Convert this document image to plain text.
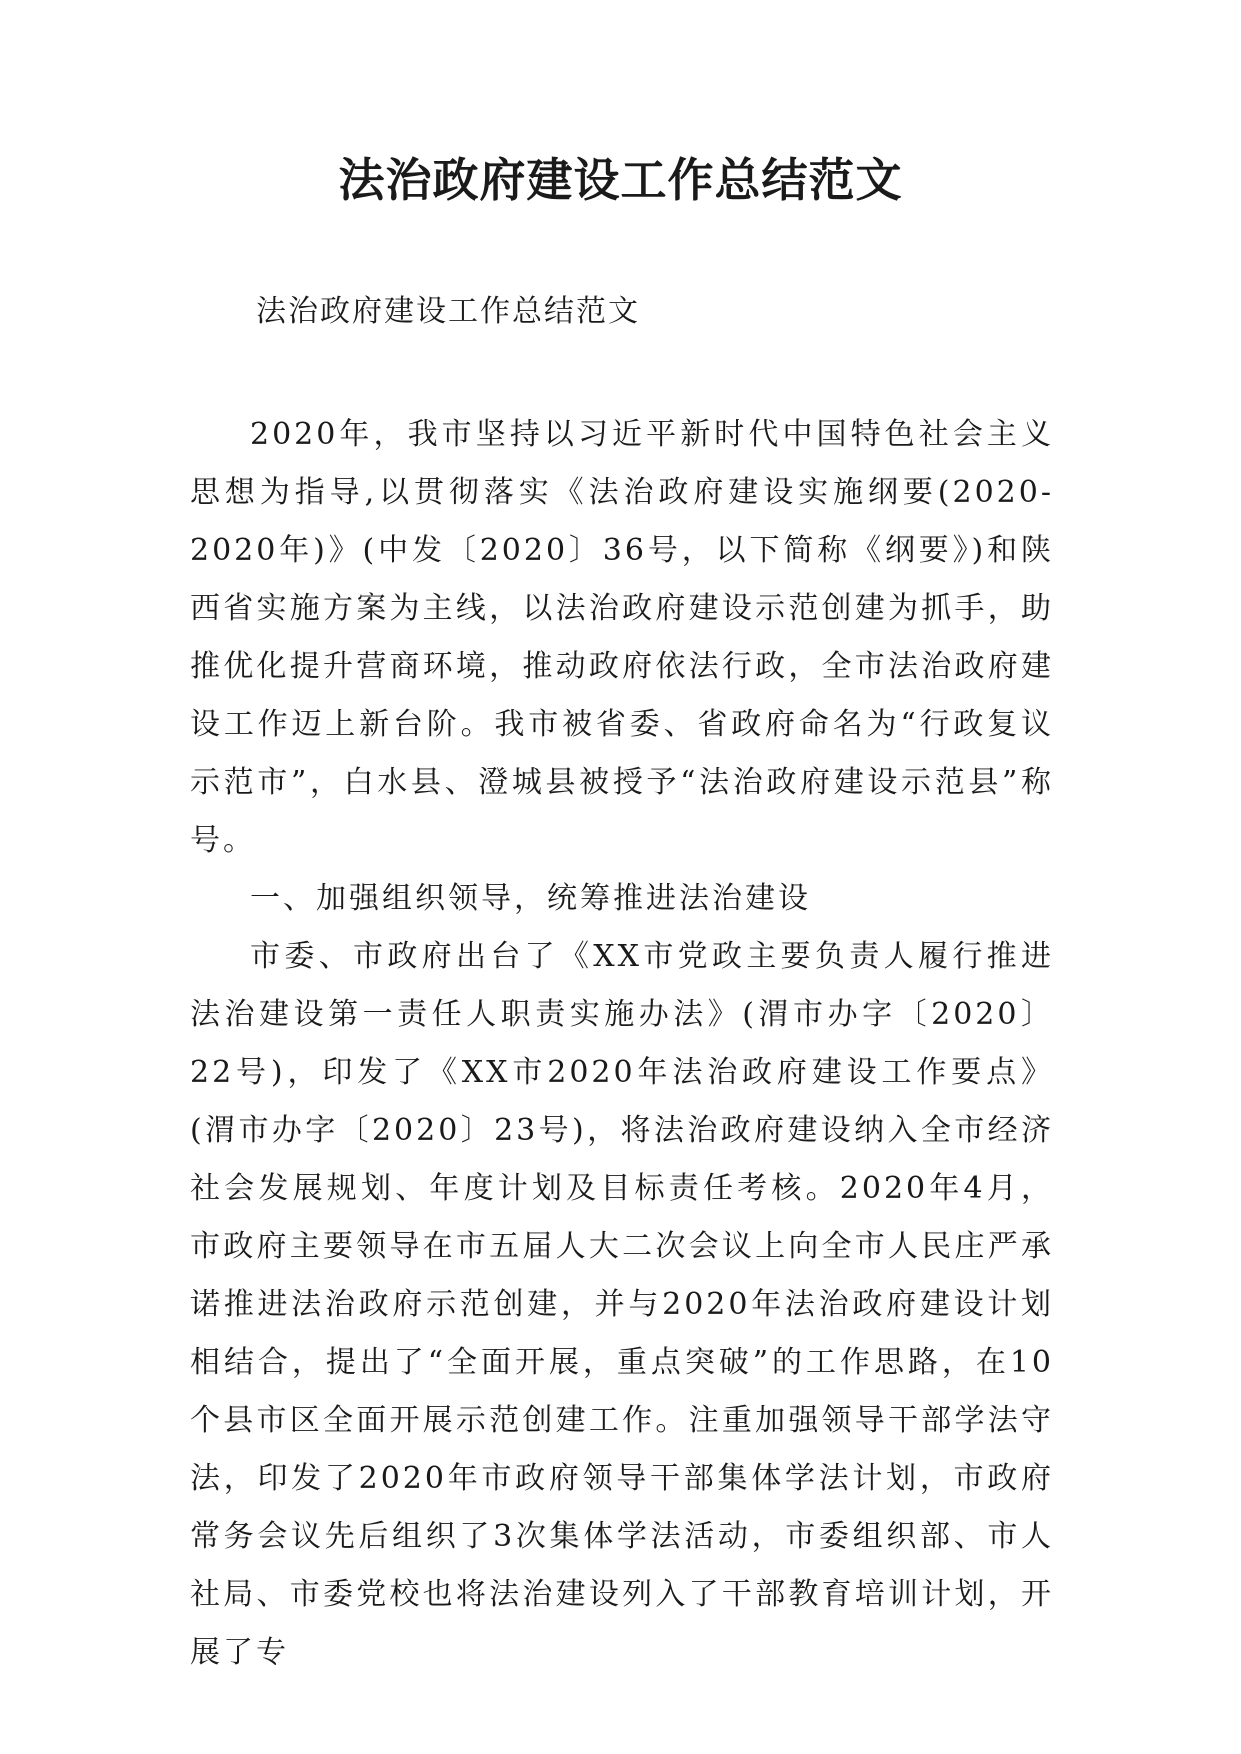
法治政府建设工作总结范文
法治政府建设工作总结范文

2020年，我市坚持以习近平新时代中国特色社会主义思想为指导,以贯彻落实《法治政府建设实施纲要(2020-2020年)》(中发〔2020〕36号，以下简称《纲要》)和陕西省实施方案为主线，以法治政府建设示范创建为抓手，助推优化提升营商环境，推动政府依法行政，全市法治政府建设工作迈上新台阶。我市被省委、省政府命名为“行政复议示范市”，白水县、澄城县被授予“法治政府建设示范县”称号。

一、加强组织领导，统筹推进法治建设

市委、市政府出台了《XX市党政主要负责人履行推进法治建设第一责任人职责实施办法》(渭市办字〔2020〕22号)，印发了《XX市2020年法治政府建设工作要点》(渭市办字〔2020〕23号)，将法治政府建设纳入全市经济社会发展规划、年度计划及目标责任考核。2020年4月，市政府主要领导在市五届人大二次会议上向全市人民庄严承诺推进法治政府示范创建，并与2020年法治政府建设计划相结合，提出了“全面开展，重点突破”的工作思路，在10个县市区全面开展示范创建工作。注重加强领导干部学法守法，印发了2020年市政府领导干部集体学法计划，市政府常务会议先后组织了3次集体学法活动，市委组织部、市人社局、市委党校也将法治建设列入了干部教育培训计划，开展了专
